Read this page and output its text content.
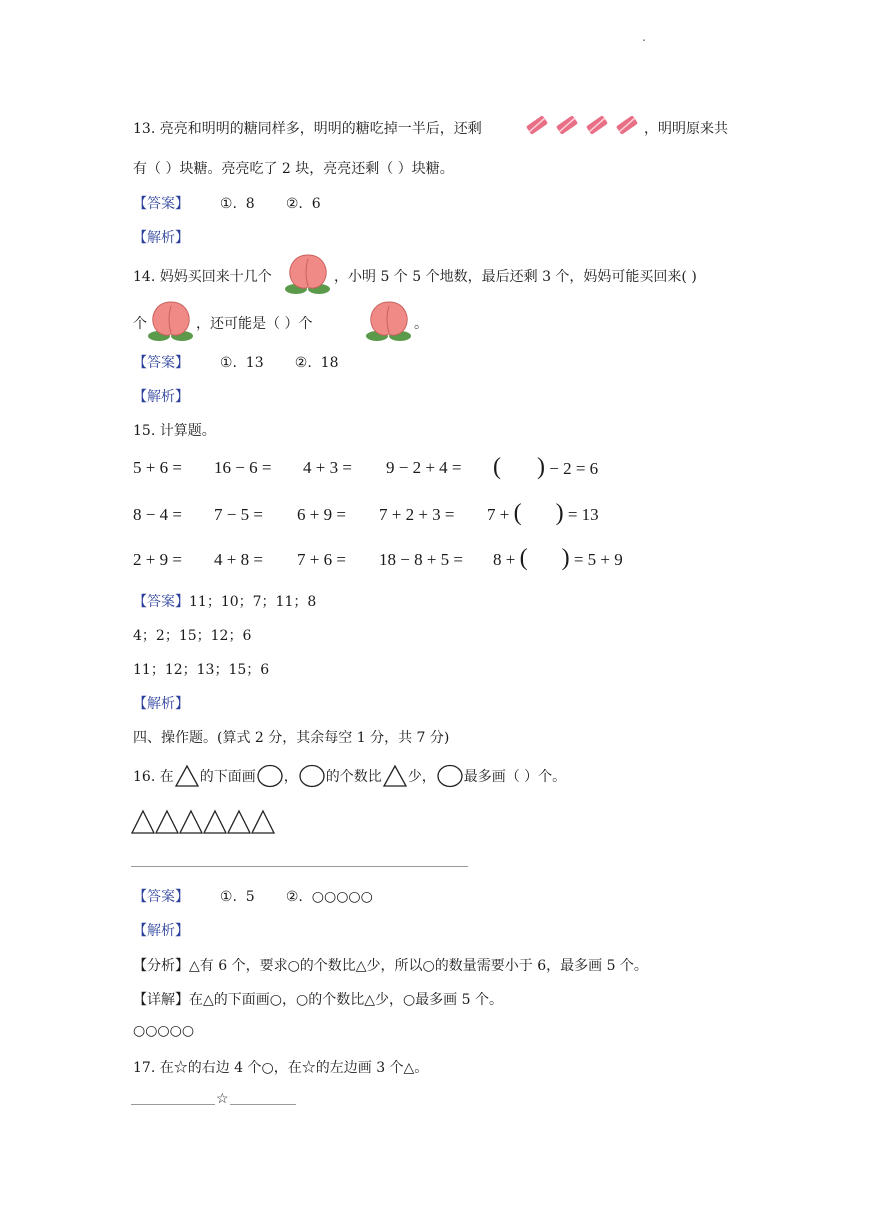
.
13. 亮亮和明明的糖同样多，明明的糖吃掉一半后，还剩	，明明原来共
有（ ）块糖。亮亮吃了 2 块，亮亮还剩（ ）块糖。
【答案】 ①.  8       ②.  6
【解析】
14. 妈妈买回来十几个	，小明 5 个 5 个地数，最后还剩 3 个，妈妈可能买回来( )
个	，还可能是（ ）个	。
【答案】 ①.  13       ②.  18
【解析】
15. 计算题。
5 + 6 = 16 − 6 = 4 + 3 = 9 − 2 + 4 = ( ) − 2 = 6
8 − 4 = 7 − 5 = 6 + 9 = 7 + 2 + 3 = 7 + ( ) = 13
2 + 9 = 4 + 8 = 7 + 6 = 18 − 8 + 5 = 8 + ( ) = 5 + 9
【答案】11；10；7；11；8
4；2；15；12；6
11；12；13；15；6
【解析】
四、操作题。(算式 2 分，其余每空 1 分，共 7 分)
16. 在 的下面画 ， 的个数比 少， 最多画（ ）个。
【答案】 ①.  5       ②.  ○○○○○
【解析】
【分析】△有 6 个，要求○的个数比△少，所以○的数量需要小于 6，最多画 5 个。
【详解】在△的下面画○，○的个数比△少，○最多画 5 个。
○○○○○
17. 在☆的右边 4 个○，在☆的左边画 3 个△。
☆
